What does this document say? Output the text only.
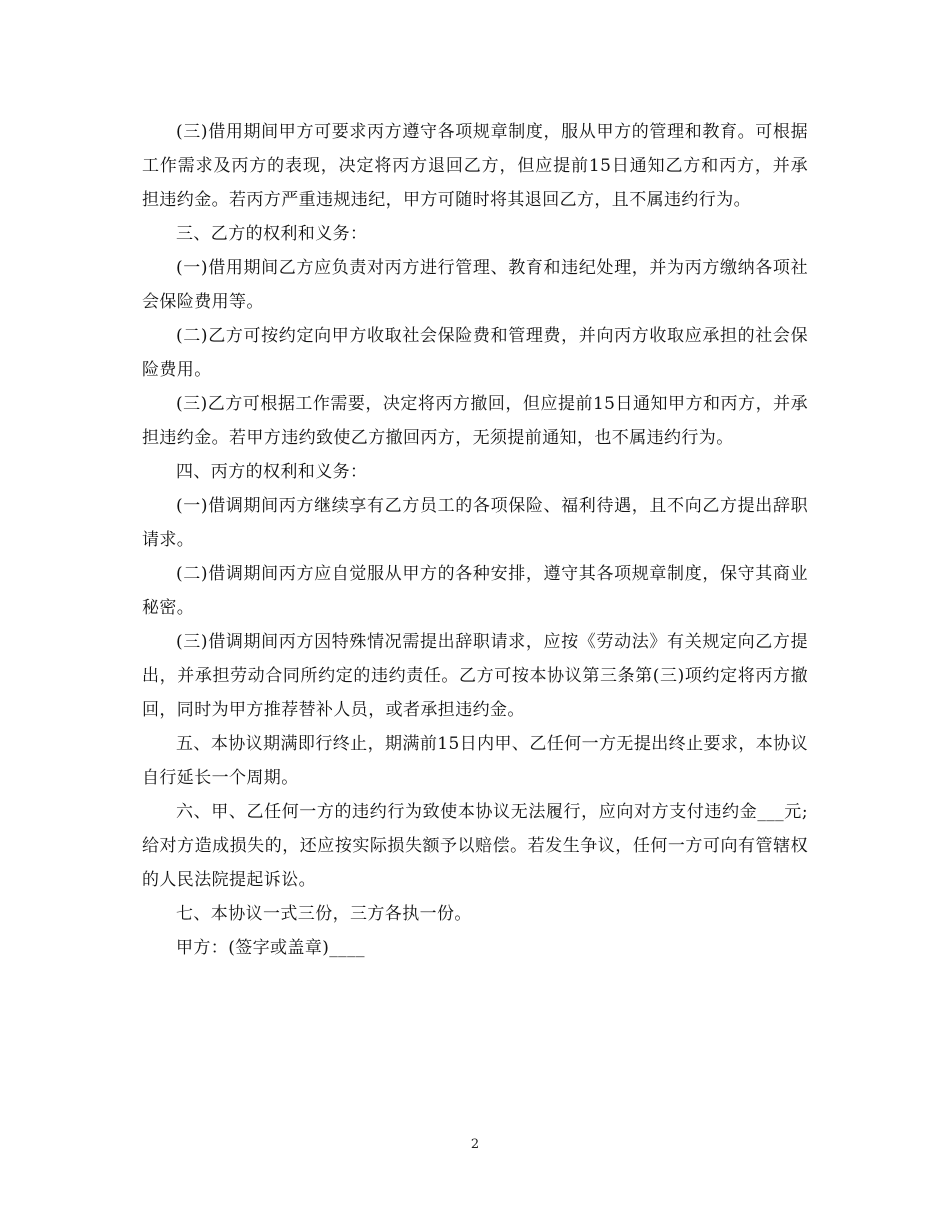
(三)借用期间甲方可要求丙方遵守各项规章制度，服从甲方的管理和教育。可根据工作需求及丙方的表现，决定将丙方退回乙方，但应提前15日通知乙方和丙方，并承担违约金。若丙方严重违规违纪，甲方可随时将其退回乙方，且不属违约行为。

三、乙方的权利和义务：

(一)借用期间乙方应负责对丙方进行管理、教育和违纪处理，并为丙方缴纳各项社会保险费用等。

(二)乙方可按约定向甲方收取社会保险费和管理费，并向丙方收取应承担的社会保险费用。

(三)乙方可根据工作需要，决定将丙方撤回，但应提前15日通知甲方和丙方，并承担违约金。若甲方违约致使乙方撤回丙方，无须提前通知，也不属违约行为。

四、丙方的权利和义务：

(一)借调期间丙方继续享有乙方员工的各项保险、福利待遇，且不向乙方提出辞职请求。

(二)借调期间丙方应自觉服从甲方的各种安排，遵守其各项规章制度，保守其商业秘密。

(三)借调期间丙方因特殊情况需提出辞职请求，应按《劳动法》有关规定向乙方提出，并承担劳动合同所约定的违约责任。乙方可按本协议第三条第(三)项约定将丙方撤回，同时为甲方推荐替补人员，或者承担违约金。

五、本协议期满即行终止，期满前15日内甲、乙任何一方无提出终止要求，本协议自行延长一个周期。

六、甲、乙任何一方的违约行为致使本协议无法履行，应向对方支付违约金___元;给对方造成损失的，还应按实际损失额予以赔偿。若发生争议，任何一方可向有管辖权的人民法院提起诉讼。

七、本协议一式三份，三方各执一份。

甲方：(签字或盖章)____

2
